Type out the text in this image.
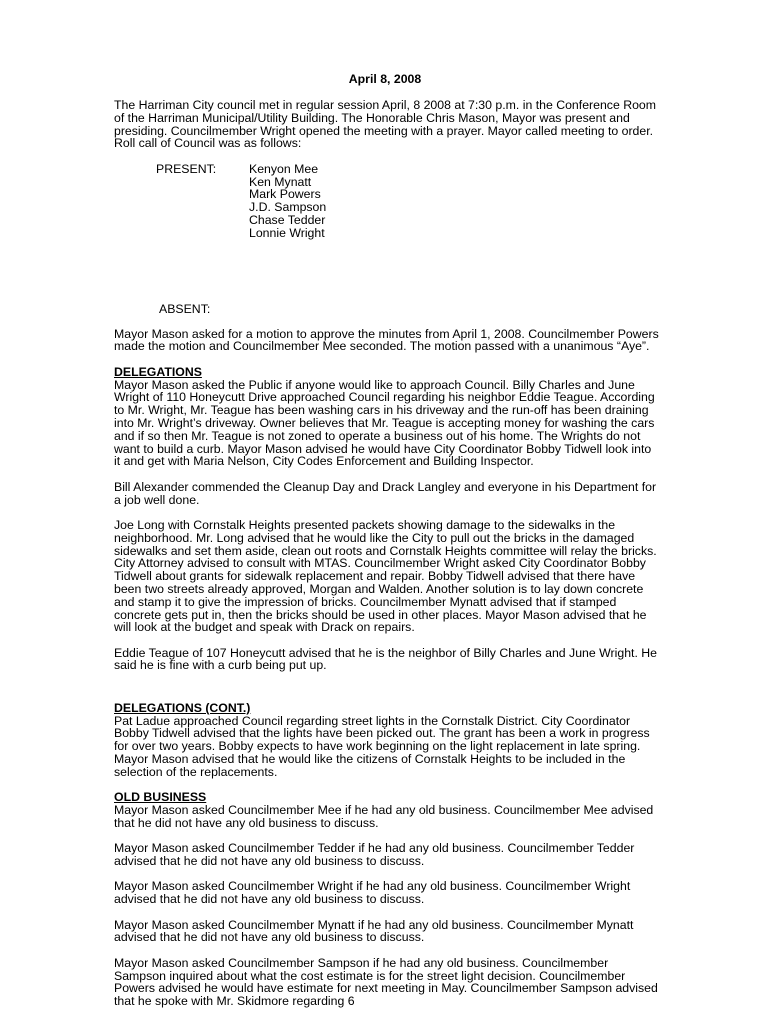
April 8, 2008

The Harriman City council met in regular session April, 8 2008 at 7:30 p.m. in the Conference Room of the Harriman Municipal/Utility Building. The Honorable Chris Mason, Mayor was present and presiding. Councilmember Wright opened the meeting with a prayer. Mayor called meeting to order. Roll call of Council was as follows:

PRESENT:	Kenyon Mee
Ken Mynatt
Mark Powers
J.D. Sampson
Chase Tedder
Lonnie Wright
ABSENT:

Mayor Mason asked for a motion to approve the minutes from April 1, 2008. Councilmember Powers made the motion and Councilmember Mee seconded. The motion passed with a unanimous “Aye”.

DELEGATIONS
Mayor Mason asked the Public if anyone would like to approach Council. Billy Charles and June Wright of 110 Honeycutt Drive approached Council regarding his neighbor Eddie Teague. According to Mr. Wright, Mr. Teague has been washing cars in his driveway and the run-off has been draining into Mr. Wright’s driveway. Owner believes that Mr. Teague is accepting money for washing the cars and if so then Mr. Teague is not zoned to operate a business out of his home. The Wrights do not want to build a curb. Mayor Mason advised he would have City Coordinator Bobby Tidwell look into it and get with Maria Nelson, City Codes Enforcement and Building Inspector.

Bill Alexander commended the Cleanup Day and Drack Langley and everyone in his Department for a job well done.

Joe Long with Cornstalk Heights presented packets showing damage to the sidewalks in the neighborhood. Mr. Long advised that he would like the City to pull out the bricks in the damaged sidewalks and set them aside, clean out roots and Cornstalk Heights committee will relay the bricks. City Attorney advised to consult with MTAS. Councilmember Wright asked City Coordinator Bobby Tidwell about grants for sidewalk replacement and repair. Bobby Tidwell advised that there have been two streets already approved, Morgan and Walden. Another solution is to lay down concrete and stamp it to give the impression of bricks. Councilmember Mynatt advised that if stamped concrete gets put in, then the bricks should be used in other places. Mayor Mason advised that he will look at the budget and speak with Drack on repairs.

Eddie Teague of 107 Honeycutt advised that he is the neighbor of Billy Charles and June Wright. He said he is fine with a curb being put up.

DELEGATIONS (CONT.)
Pat Ladue approached Council regarding street lights in the Cornstalk District. City Coordinator Bobby Tidwell advised that the lights have been picked out. The grant has been a work in progress for over two years. Bobby expects to have work beginning on the light replacement in late spring. Mayor Mason advised that he would like the citizens of Cornstalk Heights to be included in the selection of the replacements.

OLD BUSINESS
Mayor Mason asked Councilmember Mee if he had any old business. Councilmember Mee advised that he did not have any old business to discuss.

Mayor Mason asked Councilmember Tedder if he had any old business. Councilmember Tedder advised that he did not have any old business to discuss.

Mayor Mason asked Councilmember Wright if he had any old business. Councilmember Wright advised that he did not have any old business to discuss.

Mayor Mason asked Councilmember Mynatt if he had any old business. Councilmember Mynatt advised that he did not have any old business to discuss.

Mayor Mason asked Councilmember Sampson if he had any old business. Councilmember Sampson inquired about what the cost estimate is for the street light decision. Councilmember Powers advised he would have estimate for next meeting in May. Councilmember Sampson advised that he spoke with Mr. Skidmore regarding 6
